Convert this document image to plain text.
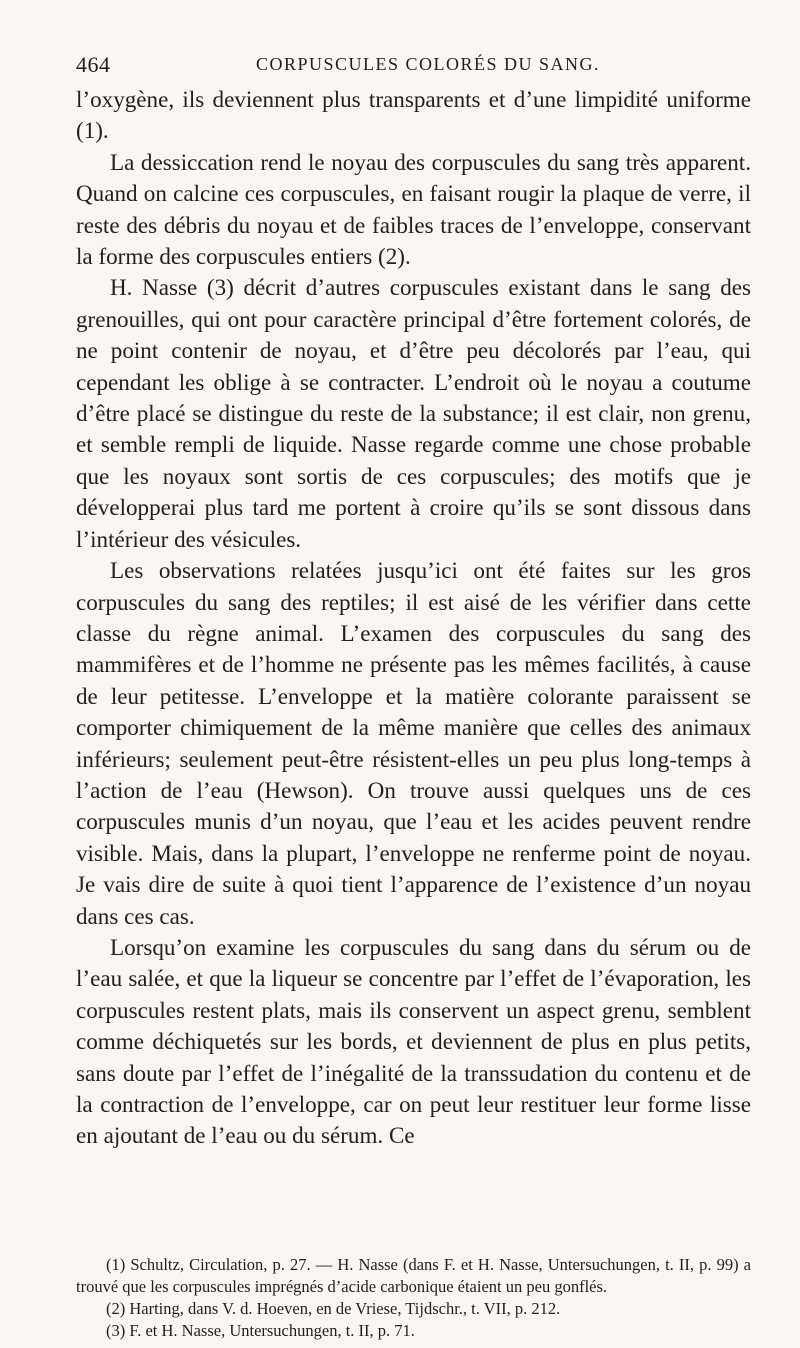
464	CORPUSCULES COLORÉS DU SANG.

l’oxygène, ils deviennent plus transparents et d’une limpidité uniforme (1).

La dessiccation rend le noyau des corpuscules du sang très apparent. Quand on calcine ces corpuscules, en faisant rougir la plaque de verre, il reste des débris du noyau et de faibles traces de l’enveloppe, conservant la forme des corpuscules entiers (2).

H. Nasse (3) décrit d’autres corpuscules existant dans le sang des grenouilles, qui ont pour caractère principal d’être fortement colorés, de ne point contenir de noyau, et d’être peu décolorés par l’eau, qui cependant les oblige à se contracter. L’endroit où le noyau a coutume d’être placé se distingue du reste de la substance; il est clair, non grenu, et semble rempli de liquide. Nasse regarde comme une chose probable que les noyaux sont sortis de ces corpuscules; des motifs que je développerai plus tard me portent à croire qu’ils se sont dissous dans l’intérieur des vésicules.

Les observations relatées jusqu’ici ont été faites sur les gros corpuscules du sang des reptiles; il est aisé de les vérifier dans cette classe du règne animal. L’examen des corpuscules du sang des mammifères et de l’homme ne présente pas les mêmes facilités, à cause de leur petitesse. L’enveloppe et la matière colorante paraissent se comporter chimiquement de la même manière que celles des animaux inférieurs; seulement peut-être résistent-elles un peu plus long-temps à l’action de l’eau (Hewson). On trouve aussi quelques uns de ces corpuscules munis d’un noyau, que l’eau et les acides peuvent rendre visible. Mais, dans la plupart, l’enveloppe ne renferme point de noyau. Je vais dire de suite à quoi tient l’apparence de l’existence d’un noyau dans ces cas.

Lorsqu’on examine les corpuscules du sang dans du sérum ou de l’eau salée, et que la liqueur se concentre par l’effet de l’évaporation, les corpuscules restent plats, mais ils conservent un aspect grenu, semblent comme déchiquetés sur les bords, et deviennent de plus en plus petits, sans doute par l’effet de l’inégalité de la transsudation du contenu et de la contraction de l’enveloppe, car on peut leur restituer leur forme lisse en ajoutant de l’eau ou du sérum. Ce

(1) Schultz, Circulation, p. 27. — H. Nasse (dans F. et H. Nasse, Untersuchungen, t. II, p. 99) a trouvé que les corpuscules imprégnés d’acide carbonique étaient un peu gonflés.

(2) Harting, dans V. d. Hoeven, en de Vriese, Tijdschr., t. VII, p. 212.

(3) F. et H. Nasse, Untersuchungen, t. II, p. 71.
